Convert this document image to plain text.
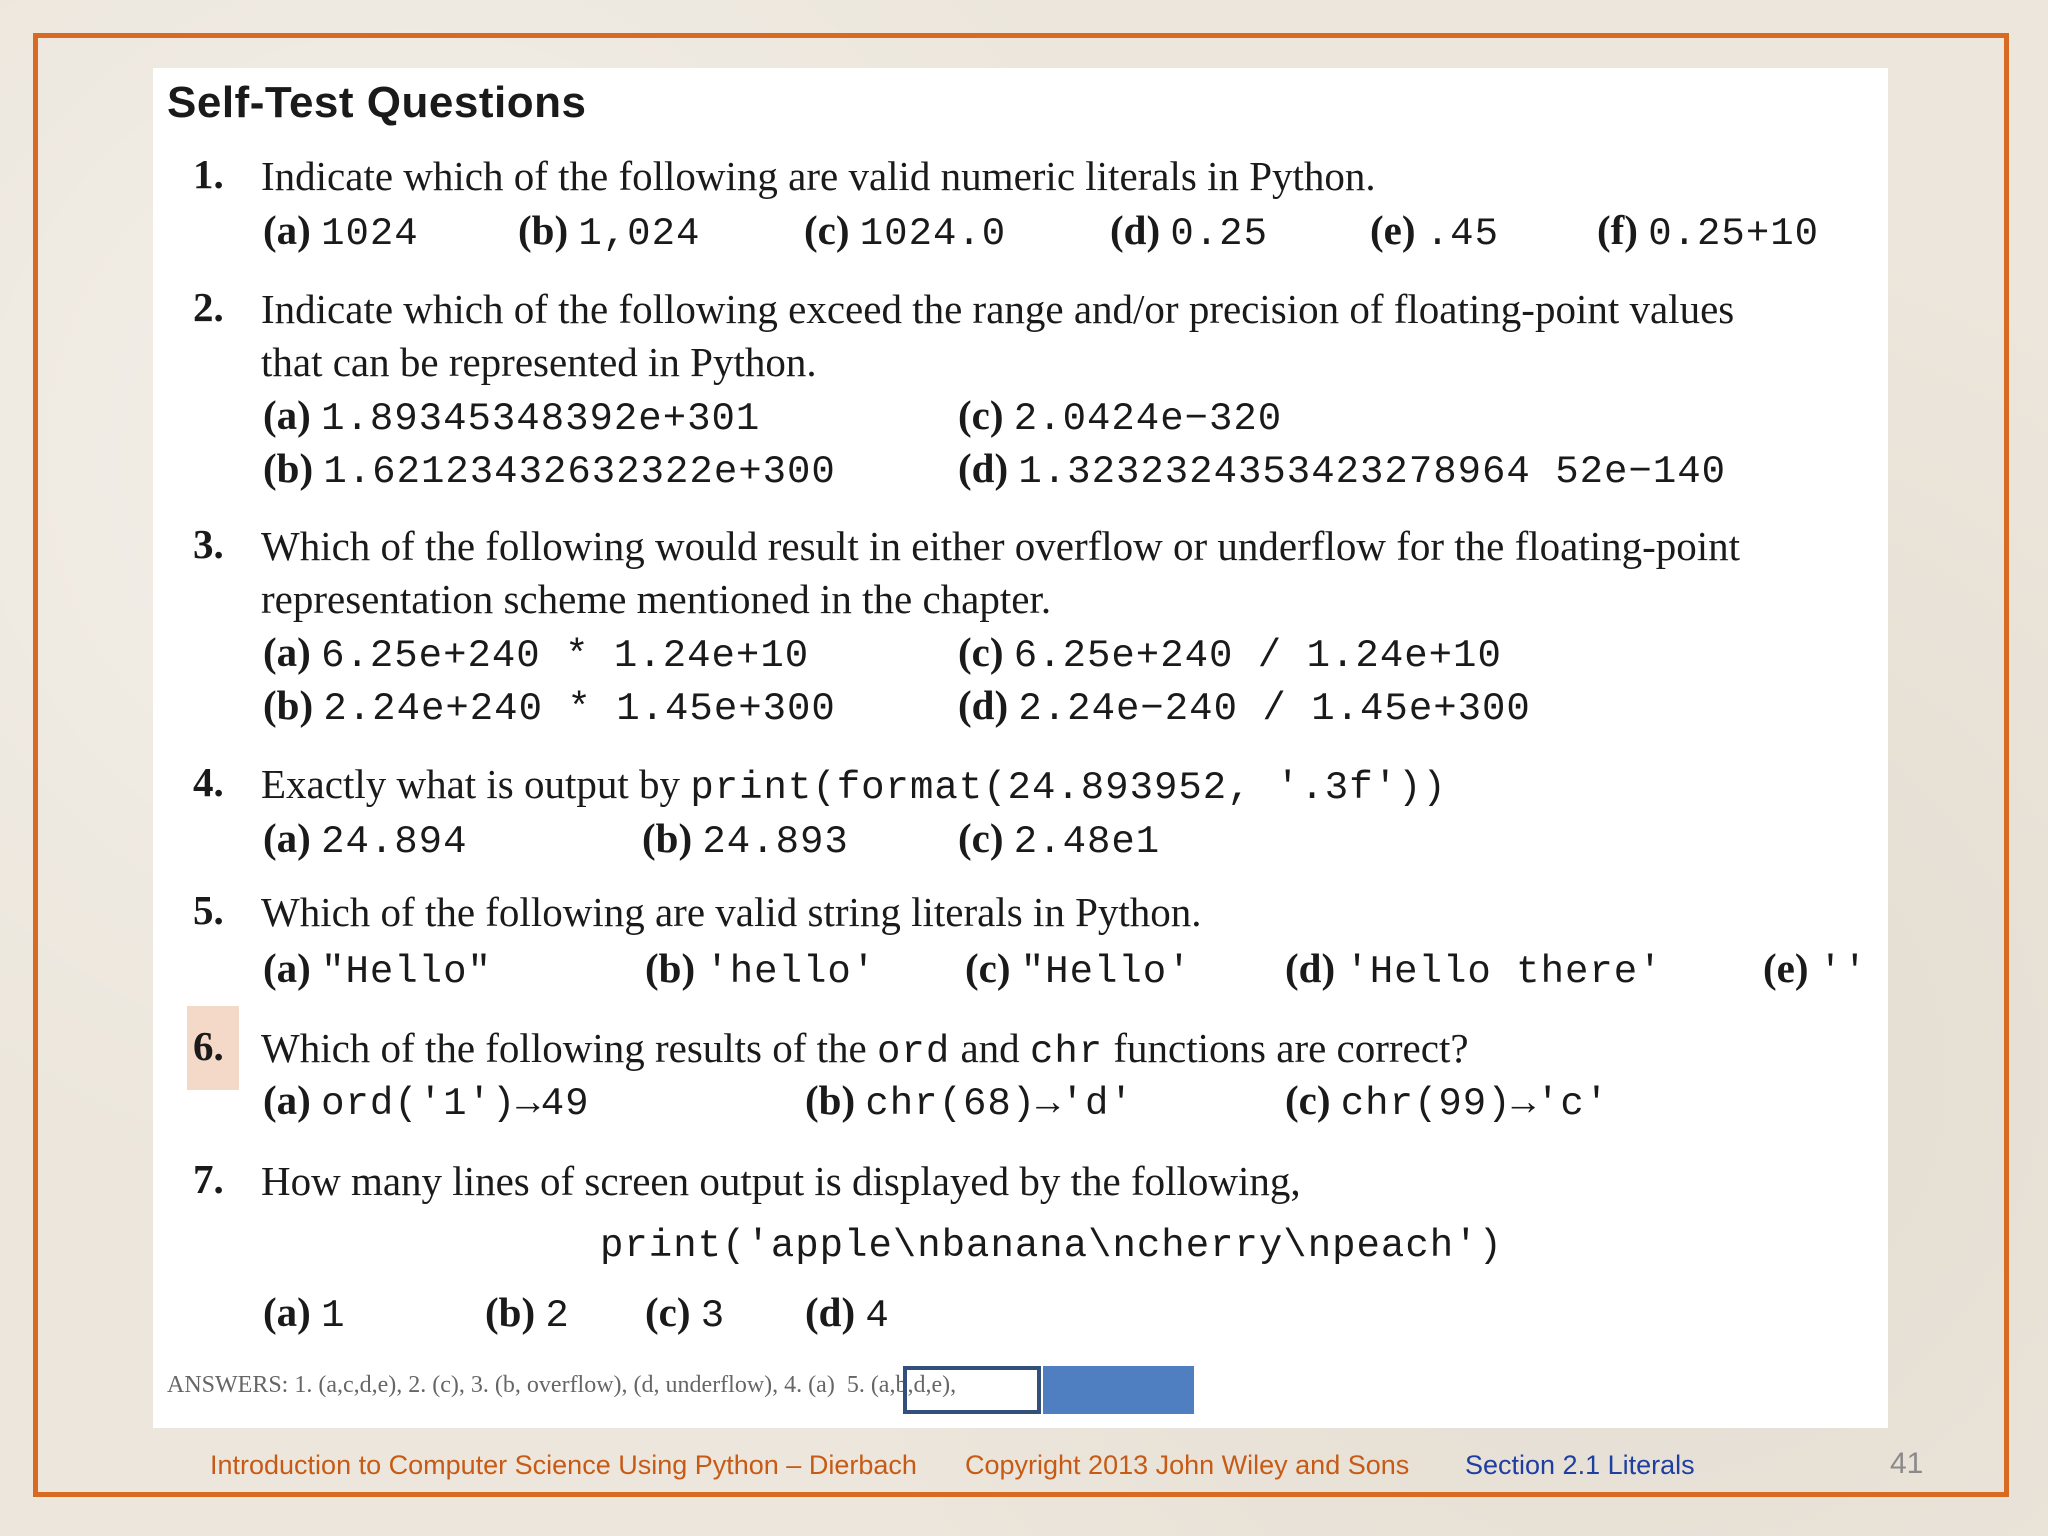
Self-Test Questions
1. Indicate which of the following are valid numeric literals in Python.
(a) 1024 (b) 1,024	(c) 1024.0	(d) 0.25 (e) .45 (f) 0.25+10
2. Indicate which of the following exceed the range and/or precision of floating-point values
that can be represented in Python.
(a) 1.89345348392e+301	(c) 2.0424e−320
(b) 1.62123432632322e+300	(d) 1.3232324353423278964 52e−140
3. Which of the following would result in either overflow or underflow for the floating-point
representation scheme mentioned in the chapter.
(a) 6.25e+240 * 1.24e+10	(c) 6.25e+240 / 1.24e+10
(b) 2.24e+240 * 1.45e+300	(d) 2.24e−240 / 1.45e+300
4. Exactly what is output by print(format(24.893952, '.3f'))
(a) 24.894	(b) 24.893	(c) 2.48e1
5. Which of the following are valid string literals in Python.
(a) "Hello"	(b) 'hello' (c) "Hello' (d) 'Hello there' (e) ''
6. Which of the following results of the ord and chr functions are correct?
(a) ord('1')→49	(b) chr(68)→'d'	(c) chr(99)→'c'
7. How many lines of screen output is displayed by the following,
print('apple\nbanana\ncherry\npeach')
(a) 1	(b) 2 (c) 3 (d) 4
ANSWERS: 1. (a,c,d,e), 2. (c), 3. (b, overflow), (d, underflow), 4. (a) 5. (a,b,d,e),
Introduction to Computer Science Using Python – Dierbach Copyright 2013 John Wiley and Sons Section 2.1 Literals	41
